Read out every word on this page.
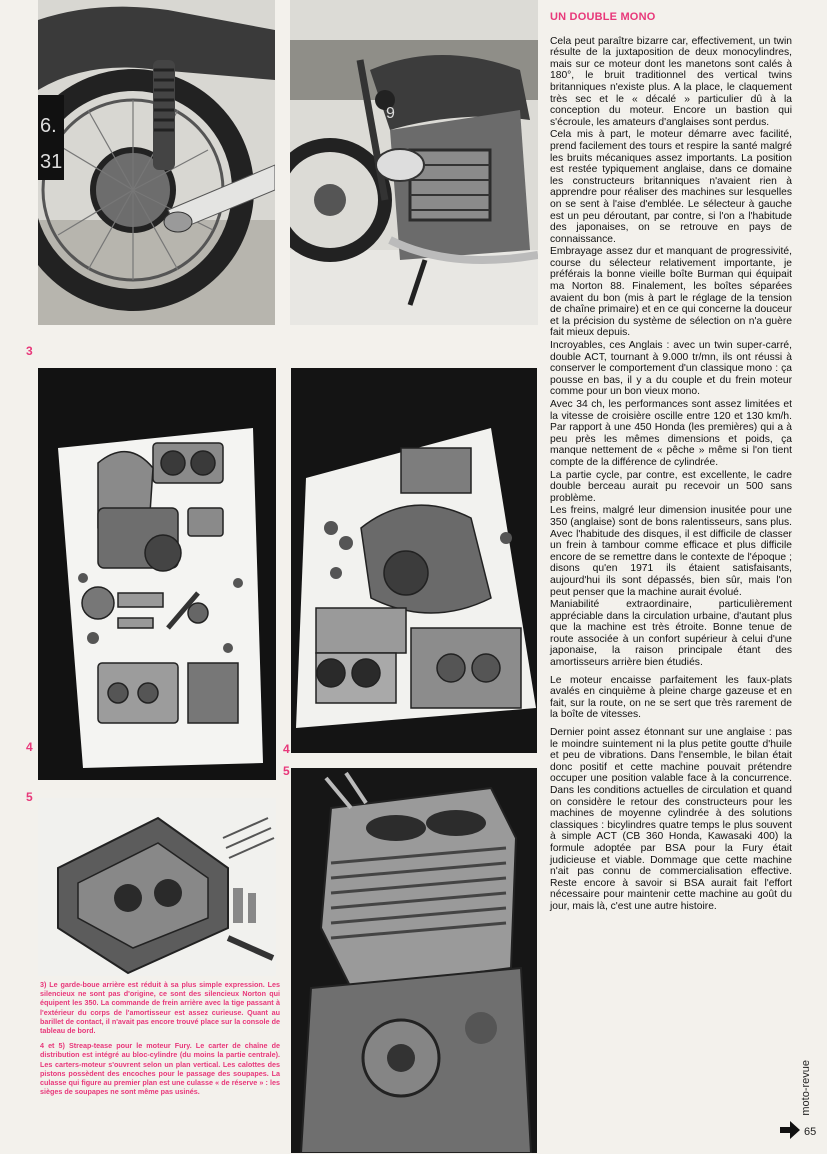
6.
31
9
3
4	4
5
5

3) Le garde-boue arrière est réduit à sa plus simple expression. Les silencieux ne sont pas d'origine, ce sont des silencieux Norton qui équipent les 350. La commande de frein arrière avec la tige passant à l'extérieur du corps de l'amortisseur est assez curieuse. Quant au barillet de contact, il n'avait pas encore trouvé place sur la console de tableau de bord.

4 et 5) Streap-tease pour le moteur Fury. Le carter de chaîne de distribution est intégré au bloc-cylindre (du moins la partie centrale). Les carters-moteur s'ouvrent selon un plan vertical. Les calottes des pistons possèdent des encoches pour le passage des soupapes. La culasse qui figure au premier plan est une culasse « de réserve » : les sièges de soupapes ne sont même pas usinés.

UN DOUBLE MONO

Cela peut paraître bizarre car, effectivement, un twin résulte de la juxtaposition de deux monocylindres, mais sur ce moteur dont les manetons sont calés à 180°, le bruit traditionnel des vertical twins britanniques n'existe plus. A la place, le claquement très sec et le « décalé » particulier dû à la conception du moteur. Encore un bastion qui s'écroule, les amateurs d'anglaises sont perdus.

Cela mis à part, le moteur démarre avec facilité, prend facilement des tours et respire la santé malgré les bruits mécaniques assez importants. La position est restée typiquement anglaise, dans ce domaine les constructeurs britanniques n'avaient rien à apprendre pour réaliser des machines sur lesquelles on se sent à l'aise d'emblée. Le sélecteur à gauche est un peu déroutant, par contre, si l'on a l'habitude des japonaises, on se retrouve en pays de connaissance.

Embrayage assez dur et manquant de progressivité, course du sélecteur relativement importante, je préférais la bonne vieille boîte Burman qui équipait ma Norton 88. Finalement, les boîtes séparées avaient du bon (mis à part le réglage de la tension de chaîne primaire) et en ce qui concerne la douceur et la précision du système de sélection on n'a guère fait mieux depuis.

Incroyables, ces Anglais : avec un twin super-carré, double ACT, tournant à 9.000 tr/mn, ils ont réussi à conserver le comportement d'un classique mono : ça pousse en bas, il y a du couple et du frein moteur comme pour un bon vieux mono.

Avec 34 ch, les performances sont assez limitées et la vitesse de croisière oscille entre 120 et 130 km/h. Par rapport à une 450 Honda (les premières) qui a à peu près les mêmes dimensions et poids, ça manque nettement de « pêche » même si l'on tient compte de la différence de cylindrée.

La partie cycle, par contre, est excellente, le cadre double berceau aurait pu recevoir un 500 sans problème.

Les freins, malgré leur dimension inusitée pour une 350 (anglaise) sont de bons ralentisseurs, sans plus. Avec l'habitude des disques, il est difficile de classer un frein à tambour comme efficace et plus difficile encore de se remettre dans le contexte de l'époque ; disons qu'en 1971 ils étaient satisfaisants, aujourd'hui ils sont dépassés, bien sûr, mais l'on peut penser que la machine aurait évolué.

Maniabilité extraordinaire, particulièrement appréciable dans la circulation urbaine, d'autant plus que la machine est très étroite. Bonne tenue de route associée à un confort supérieur à celui d'une japonaise, la raison principale étant des amortisseurs arrière bien étudiés.

Le moteur encaisse parfaitement les faux-plats avalés en cinquième à pleine charge gazeuse et en fait, sur la route, on ne se sert que très rarement de la boîte de vitesses.

Dernier point assez étonnant sur une anglaise : pas le moindre suintement ni la plus petite goutte d'huile et peu de vibrations. Dans l'ensemble, le bilan était donc positif et cette machine pouvait prétendre occuper une position valable face à la concurrence. Dans les conditions actuelles de circulation et quand on considère le retour des constructeurs pour les machines de moyenne cylindrée à des solutions classiques : bicylindres quatre temps le plus souvent à simple ACT (CB 360 Honda, Kawasaki 400) la formule adoptée par BSA pour la Fury était judicieuse et viable. Dommage que cette machine n'ait pas connu de commercialisation effective. Reste encore à savoir si BSA aurait fait l'effort nécessaire pour maintenir cette machine au goût du jour, mais là, c'est une autre histoire.

moto-revue
65
